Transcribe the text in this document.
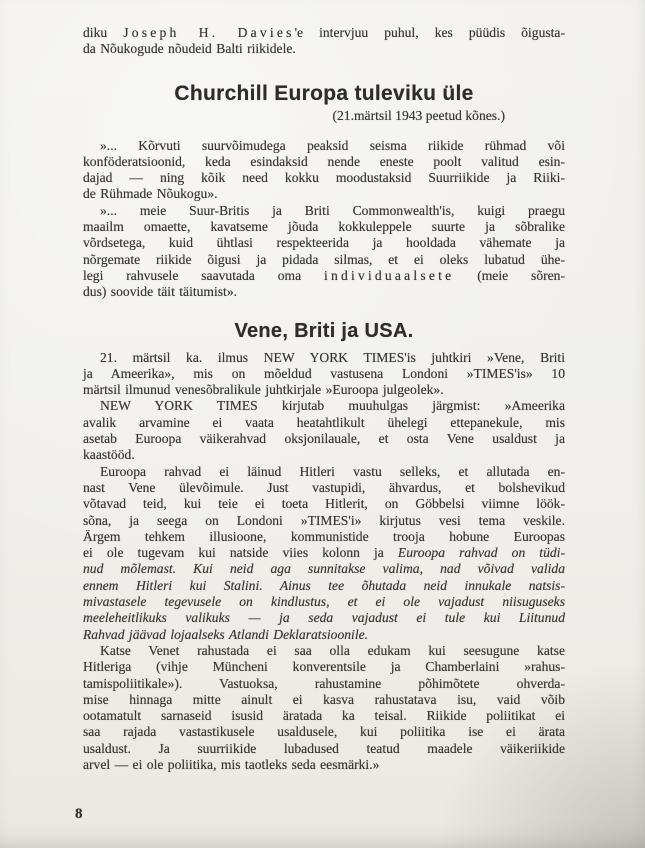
diku Joseph H. Davies'e intervjuu puhul, kes püüdis õigusta-
da Nõukogude nõudeid Balti riikidele.

Churchill Europa tuleviku üle
(21.märtsil 1943 peetud kõnes.)

»... Kõrvuti suurvõimudega peaksid seisma riikide rühmad või
konföderatsioonid, keda esindaksid nende eneste poolt valitud esin-
dajad — ning kõik need kokku moodustaksid Suurriikide ja Riiki-
de Rühmade Nõukogu».

»... meie Suur-Britis ja Briti Commonwealth'is, kuigi praegu
maailm omaette, kavatseme jõuda kokkuleppele suurte ja sõbralike
võrdsetega, kuid ühtlasi respekteerida ja hooldada vähemate ja
nõrgemate riikide õigusi ja pidada silmas, et ei oleks lubatud ühe-
legi rahvusele saavutada oma individuaalsete (meie sõren-
dus) soovide täit täitumist».

Vene, Briti ja USA.

21. märtsil ka. ilmus NEW YORK TIMES'is juhtkiri »Vene, Briti
ja Ameerika», mis on mõeldud vastusena Londoni »TIMES'is» 10
märtsil ilmunud venesõbralikule juhtkirjale »Euroopa julgeolek».

NEW YORK TIMES kirjutab muuhulgas järgmist: »Ameerika
avalik arvamine ei vaata heatahtlikult ühelegi ettepanekule, mis
asetab Euroopa väikerahvad oksjonilauale, et osta Vene usaldust ja
kaastööd.

Euroopa rahvad ei läinud Hitleri vastu selleks, et allutada en-
nast Vene ülevõimule. Just vastupidi, ähvardus, et bolshevikud
võtavad teid, kui teie ei toeta Hitlerit, on Göbbelsi viimne löök-
sõna, ja seega on Londoni »TIMES'i» kirjutus vesi tema veskile.
Ärgem tehkem illusioone, kommunistide trooja hobune Euroopas
ei ole tugevam kui natside viies kolonn ja Euroopa rahvad on tüdi-
nud mõlemast. Kui neid aga sunnitakse valima, nad võivad valida
ennem Hitleri kui Stalini. Ainus tee õhutada neid innukale natsis-
mivastasele tegevusele on kindlustus, et ei ole vajadust niisuguseks
meeleheitlikuks valikuks — ja seda vajadust ei tule kui Liitunud
Rahvad jäävad lojaalseks Atlandi Deklaratsioonile.

Katse Venet rahustada ei saa olla edukam kui seesugune katse
Hitleriga (vihje Müncheni konverentsile ja Chamberlaini »rahus-
tamispoliitikale»). Vastuoksa, rahustamine põhimõtete ohverda-
mise hinnaga mitte ainult ei kasva rahustatava isu, vaid võib
ootamatult sarnaseid isusid äratada ka teisal. Riikide poliitikat ei
saa rajada vastastikusele usaldusele, kui poliitika ise ei ärata
usaldust. Ja suurriikide lubadused teatud maadele väikeriikide
arvel — ei ole poliitika, mis taotleks seda eesmärki.»

8
